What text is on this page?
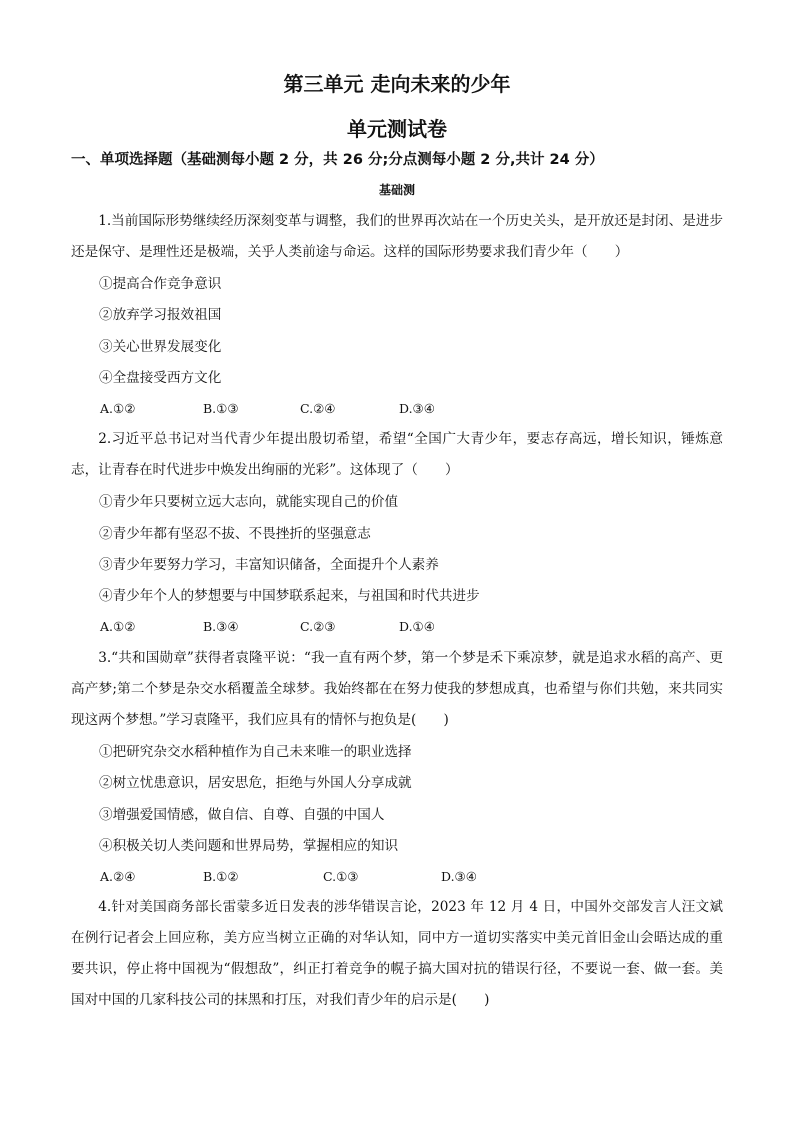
第三单元 走向未来的少年
单元测试卷
一、单项选择题（基础测每小题 2 分，共 26 分;分点测每小题 2 分,共计 24 分）
基础测

1.当前国际形势继续经历深刻变革与调整，我们的世界再次站在一个历史关头，是开放还是封闭、是进步还是保守、是理性还是极端，关乎人类前途与命运。这样的国际形势要求我们青少年（　　）

①提高合作竞争意识
②放弃学习报效祖国
③关心世界发展变化
④全盘接受西方文化
A.①②	B.①③	C.②④	D.③④

2.习近平总书记对当代青少年提出殷切希望，希望“全国广大青少年，要志存高远，增长知识，锤炼意志，让青春在时代进步中焕发出绚丽的光彩”。这体现了（　　）

①青少年只要树立远大志向，就能实现自己的价值
②青少年都有坚忍不拔、不畏挫折的坚强意志
③青少年要努力学习，丰富知识储备，全面提升个人素养
④青少年个人的梦想要与中国梦联系起来，与祖国和时代共进步
A.①②	B.③④	C.②③	D.①④

3.“共和国勋章”获得者袁隆平说：“我一直有两个梦，第一个梦是禾下乘凉梦，就是追求水稻的高产、更高产梦;第二个梦是杂交水稻覆盖全球梦。我始终都在在努力使我的梦想成真，也希望与你们共勉，来共同实现这两个梦想。”学习袁隆平，我们应具有的情怀与抱负是(　　)

①把研究杂交水稻种植作为自己未来唯一的职业选择
②树立忧患意识，居安思危，拒绝与外国人分享成就
③增强爱国情感，做自信、自尊、自强的中国人
④积极关切人类问题和世界局势，掌握相应的知识
A.②④	B.①②	C.①③	D.③④

4.针对美国商务部长雷蒙多近日发表的涉华错误言论，2023 年 12 月 4 日，中国外交部发言人汪文斌在例行记者会上回应称，美方应当树立正确的对华认知，同中方一道切实落实中美元首旧金山会晤达成的重要共识，停止将中国视为“假想敌”，纠正打着竞争的幌子搞大国对抗的错误行径，不要说一套、做一套。美国对中国的几家科技公司的抹黑和打压，对我们青少年的启示是(　　)
